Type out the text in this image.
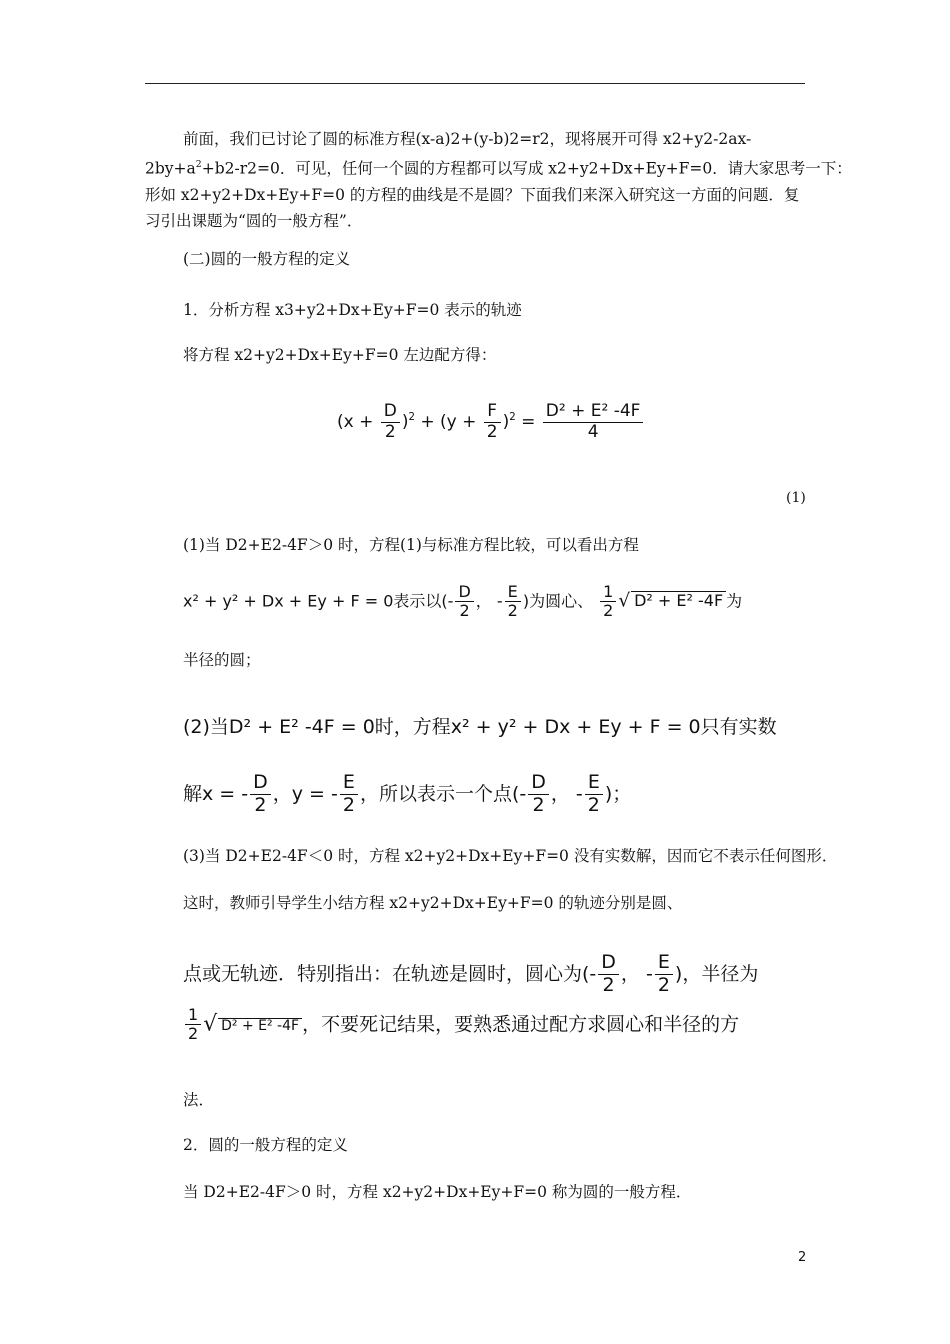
前面，我们已讨论了圆的标准方程(x-a)2+(y-b)2=r2，现将展开可得 x2+y2-2ax-
$2by+a^2+b2-r2=0$．可见，任何一个圆的方程都可以写成 x2+y2+Dx+Ey+F=0．请大家思考一下：
形如 x2+y2+Dx+Ey+F=0 的方程的曲线是不是圆？下面我们来深入研究这一方面的问题．复
习引出课题为“圆的一般方程”．
(二)圆的一般方程的定义
1．分析方程 x3+y2+Dx+Ey+F=0 表示的轨迹
将方程 x2+y2+Dx+Ey+F=0 左边配方得：
$(x + \frac{D}{2} )^2 + (y + \frac{F}{2} )^2 = \frac{\text{D² + E² -4F}}{4}$
(1)
(1)当 D2+E2-4F＞0 时，方程(1)与标准方程比较，可以看出方程
x² + y² + Dx + Ey + F = 0表示以(- $\frac{D}{2}$ ， - $\frac{E}{2}$ )为圆心、 $\frac{1}{2}$ √ D² + E² -4F 为
半径的圆；
(2)当D² + E² -4F = 0时，方程x² + y² + Dx + Ey + F = 0只有实数
解x = - $\frac{D}{2}$ ，y = - $\frac{E}{2}$ ，所以表示一个点(- $\frac{D}{2}$ ， - $\frac{E}{2}$ )；
(3)当 D2+E2-4F＜0 时，方程 x2+y2+Dx+Ey+F=0 没有实数解，因而它不表示任何图形．
这时，教师引导学生小结方程 x2+y2+Dx+Ey+F=0 的轨迹分别是圆、
点或无轨迹．特别指出：在轨迹是圆时，圆心为(- $\frac{D}{2}$ ， - $\frac{E}{2}$ )，半径为
$\frac{1}{2}$ √ D² + E² -4F ，不要死记结果，要熟悉通过配方求圆心和半径的方
法．
2．圆的一般方程的定义
当 D2+E2-4F＞0 时，方程 x2+y2+Dx+Ey+F=0 称为圆的一般方程．
2
